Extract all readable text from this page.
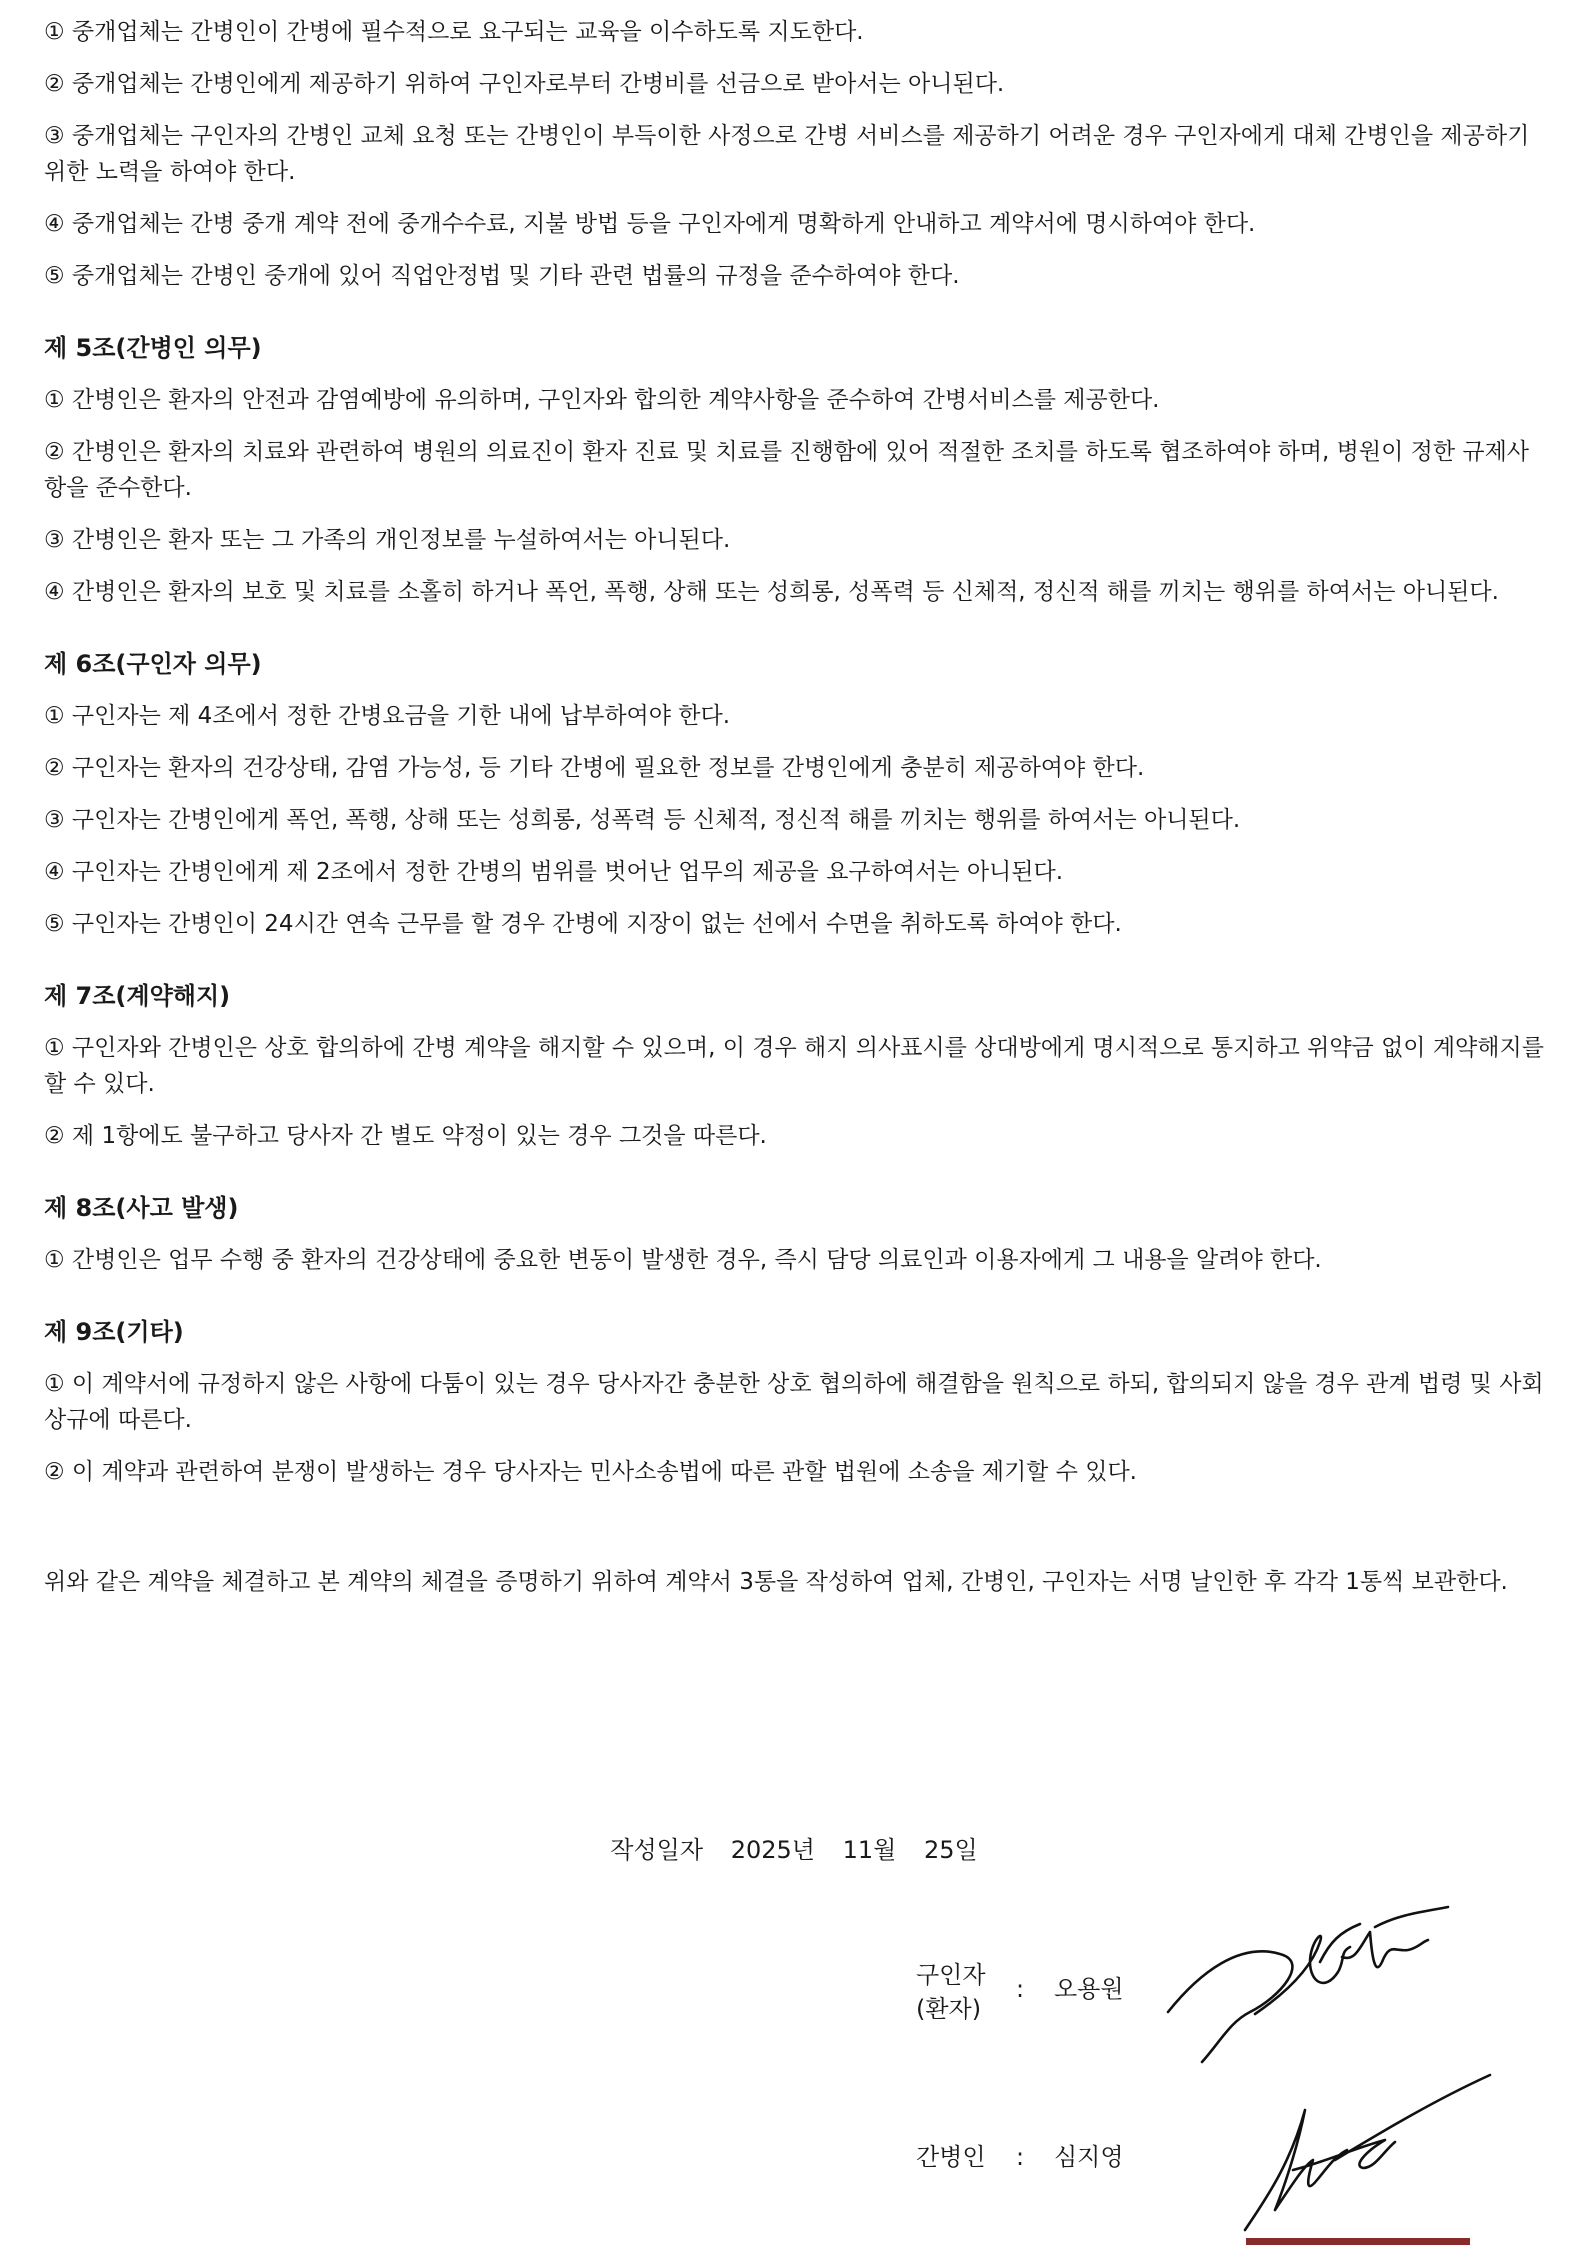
① 중개업체는 간병인이 간병에 필수적으로 요구되는 교육을 이수하도록 지도한다.

② 중개업체는 간병인에게 제공하기 위하여 구인자로부터 간병비를 선금으로 받아서는 아니된다.

③ 중개업체는 구인자의 간병인 교체 요청 또는 간병인이 부득이한 사정으로 간병 서비스를 제공하기 어려운 경우 구인자에게 대체 간병인을 제공하기 위한 노력을 하여야 한다.

④ 중개업체는 간병 중개 계약 전에 중개수수료, 지불 방법 등을 구인자에게 명확하게 안내하고 계약서에 명시하여야 한다.

⑤ 중개업체는 간병인 중개에 있어 직업안정법 및 기타 관련 법률의 규정을 준수하여야 한다.

제 5조(간병인 의무)

① 간병인은 환자의 안전과 감염예방에 유의하며, 구인자와 합의한 계약사항을 준수하여 간병서비스를 제공한다.

② 간병인은 환자의 치료와 관련하여 병원의 의료진이 환자 진료 및 치료를 진행함에 있어 적절한 조치를 하도록 협조하여야 하며, 병원이 정한 규제사항을 준수한다.

③ 간병인은 환자 또는 그 가족의 개인정보를 누설하여서는 아니된다.

④ 간병인은 환자의 보호 및 치료를 소홀히 하거나 폭언, 폭행, 상해 또는 성희롱, 성폭력 등 신체적, 정신적 해를 끼치는 행위를 하여서는 아니된다.

제 6조(구인자 의무)

① 구인자는 제 4조에서 정한 간병요금을 기한 내에 납부하여야 한다.

② 구인자는 환자의 건강상태, 감염 가능성, 등 기타 간병에 필요한 정보를 간병인에게 충분히 제공하여야 한다.

③ 구인자는 간병인에게 폭언, 폭행, 상해 또는 성희롱, 성폭력 등 신체적, 정신적 해를 끼치는 행위를 하여서는 아니된다.

④ 구인자는 간병인에게 제 2조에서 정한 간병의 범위를 벗어난 업무의 제공을 요구하여서는 아니된다.

⑤ 구인자는 간병인이 24시간 연속 근무를 할 경우 간병에 지장이 없는 선에서 수면을 취하도록 하여야 한다.

제 7조(계약해지)

① 구인자와 간병인은 상호 합의하에 간병 계약을 해지할 수 있으며, 이 경우 해지 의사표시를 상대방에게 명시적으로 통지하고 위약금 없이 계약해지를 할 수 있다.

② 제 1항에도 불구하고 당사자 간 별도 약정이 있는 경우 그것을 따른다.

제 8조(사고 발생)

① 간병인은 업무 수행 중 환자의 건강상태에 중요한 변동이 발생한 경우, 즉시 담당 의료인과 이용자에게 그 내용을 알려야 한다.

제 9조(기타)

① 이 계약서에 규정하지 않은 사항에 다툼이 있는 경우 당사자간 충분한 상호 협의하에 해결함을 원칙으로 하되, 합의되지 않을 경우 관계 법령 및 사회상규에 따른다.

② 이 계약과 관련하여 분쟁이 발생하는 경우 당사자는 민사소송법에 따른 관할 법원에 소송을 제기할 수 있다.

위와 같은 계약을 체결하고 본 계약의 체결을 증명하기 위하여 계약서 3통을 작성하여 업체, 간병인, 구인자는 서명 날인한 후 각각 1통씩 보관한다.

작성일자 2025년 11월 25일
구인자
(환자)
: 오용원
간병인	: 심지영
